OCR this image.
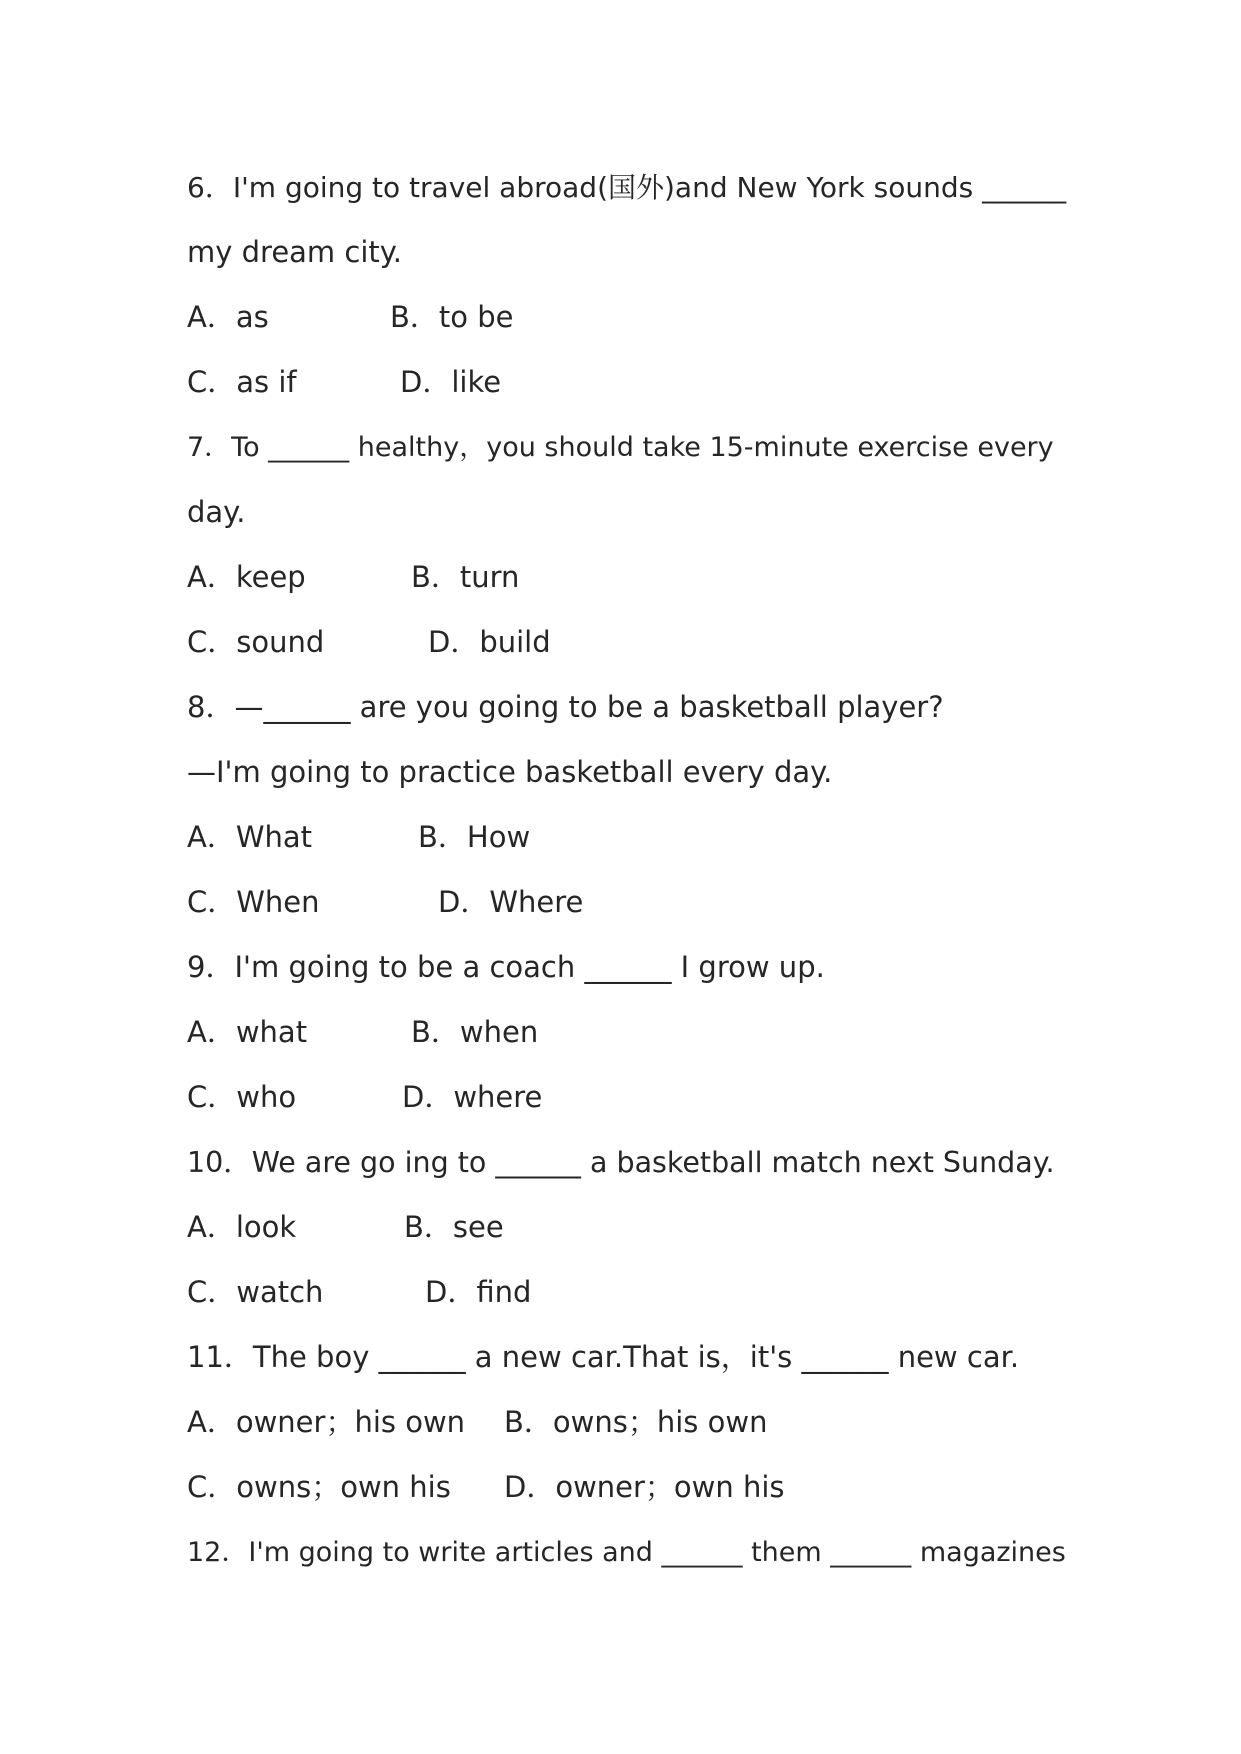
6．I'm going to travel abroad(国外)and New York sounds ______
my dream city.

A．as

	B．to be

C．as if

	D．like

7．To ______ healthy，you should take 15-minute exercise every
day.

A．keep

	B．turn

C．sound

	D．build

8．—______ are you going to be a basketball player?
—I'm going to practice basketball every day.

A．What

	B．How

C．When

	D．Where

9．I'm going to be a coach ______ I grow up.

A．what

	B．when

C．who

	D．where

10．We are go ing to ______ a basketball match next Sunday.

A．look

	B．see

C．watch

	D．find

11．The boy ______ a new car.That is，it's ______ new car.

A．owner；his own

B．owns；his own

C．owns；own his

D．owner；own his

12．I'm going to write articles and ______ them ______ magazines
